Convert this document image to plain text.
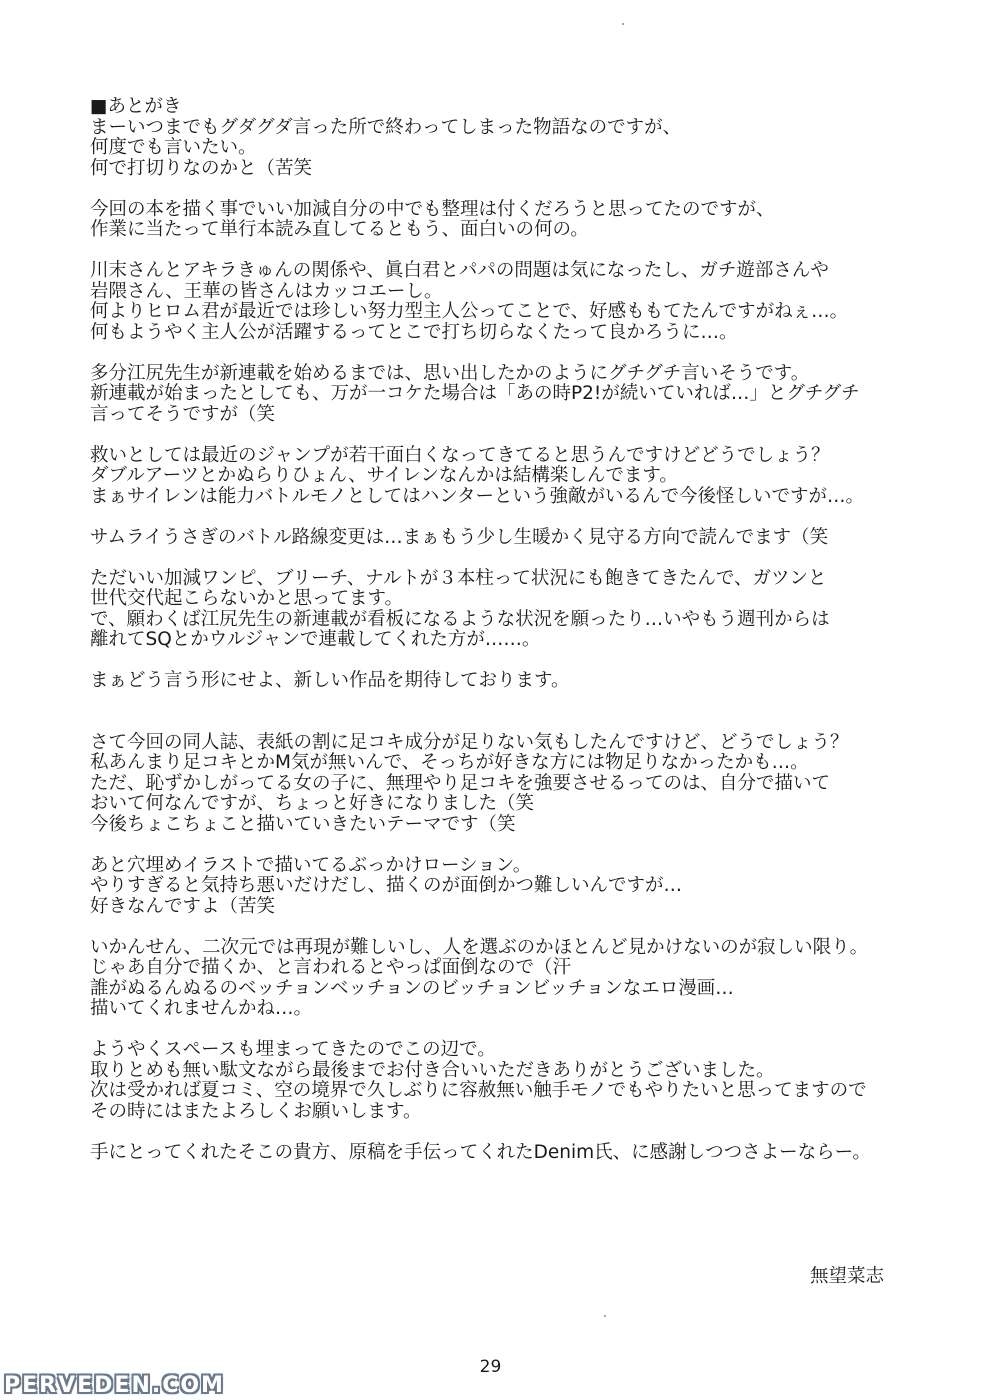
■あとがき
まーいつまでもグダグダ言った所で終わってしまった物語なのですが、
何度でも言いたい。
何で打切りなのかと（苦笑
今回の本を描く事でいい加減自分の中でも整理は付くだろうと思ってたのですが、
作業に当たって単行本読み直してるともう、面白いの何の。
川末さんとアキラきゅんの関係や、眞白君とパパの問題は気になったし、ガチ遊部さんや
岩隈さん、王華の皆さんはカッコエーし。
何よりヒロム君が最近では珍しい努力型主人公ってことで、好感ももてたんですがねぇ…。
何もようやく主人公が活躍するってとこで打ち切らなくたって良かろうに…。
多分江尻先生が新連載を始めるまでは、思い出したかのようにグチグチ言いそうです。
新連載が始まったとしても、万が一コケた場合は「あの時P2!が続いていれば…」とグチグチ
言ってそうですが（笑
救いとしては最近のジャンプが若干面白くなってきてると思うんですけどどうでしょう？
ダブルアーツとかぬらりひょん、サイレンなんかは結構楽しんでます。
まぁサイレンは能力バトルモノとしてはハンターという強敵がいるんで今後怪しいですが…。
サムライうさぎのバトル路線変更は…まぁもう少し生暖かく見守る方向で読んでます（笑
ただいい加減ワンピ、ブリーチ、ナルトが３本柱って状況にも飽きてきたんで、ガツンと
世代交代起こらないかと思ってます。
で、願わくば江尻先生の新連載が看板になるような状況を願ったり…いやもう週刊からは
離れてSQとかウルジャンで連載してくれた方が……。
まぁどう言う形にせよ、新しい作品を期待しております。
さて今回の同人誌、表紙の割に足コキ成分が足りない気もしたんですけど、どうでしょう？
私あんまり足コキとかM気が無いんで、そっちが好きな方には物足りなかったかも…。
ただ、恥ずかしがってる女の子に、無理やり足コキを強要させるってのは、自分で描いて
おいて何なんですが、ちょっと好きになりました（笑
今後ちょこちょこと描いていきたいテーマです（笑
あと穴埋めイラストで描いてるぶっかけローション。
やりすぎると気持ち悪いだけだし、描くのが面倒かつ難しいんですが…
好きなんですよ（苦笑
いかんせん、二次元では再現が難しいし、人を選ぶのかほとんど見かけないのが寂しい限り。
じゃあ自分で描くか、と言われるとやっぱ面倒なので（汗
誰がぬるんぬるのベッチョンベッチョンのビッチョンビッチョンなエロ漫画…
描いてくれませんかね…。
ようやくスペースも埋まってきたのでこの辺で。
取りとめも無い駄文ながら最後までお付き合いいただきありがとうございました。
次は受かれば夏コミ、空の境界で久しぶりに容赦無い触手モノでもやりたいと思ってますので
その時にはまたよろしくお願いします。
手にとってくれたそこの貴方、原稿を手伝ってくれたDenim氏、に感謝しつつさよーならー。
無望菜志
29
PERVEDEN.COM
